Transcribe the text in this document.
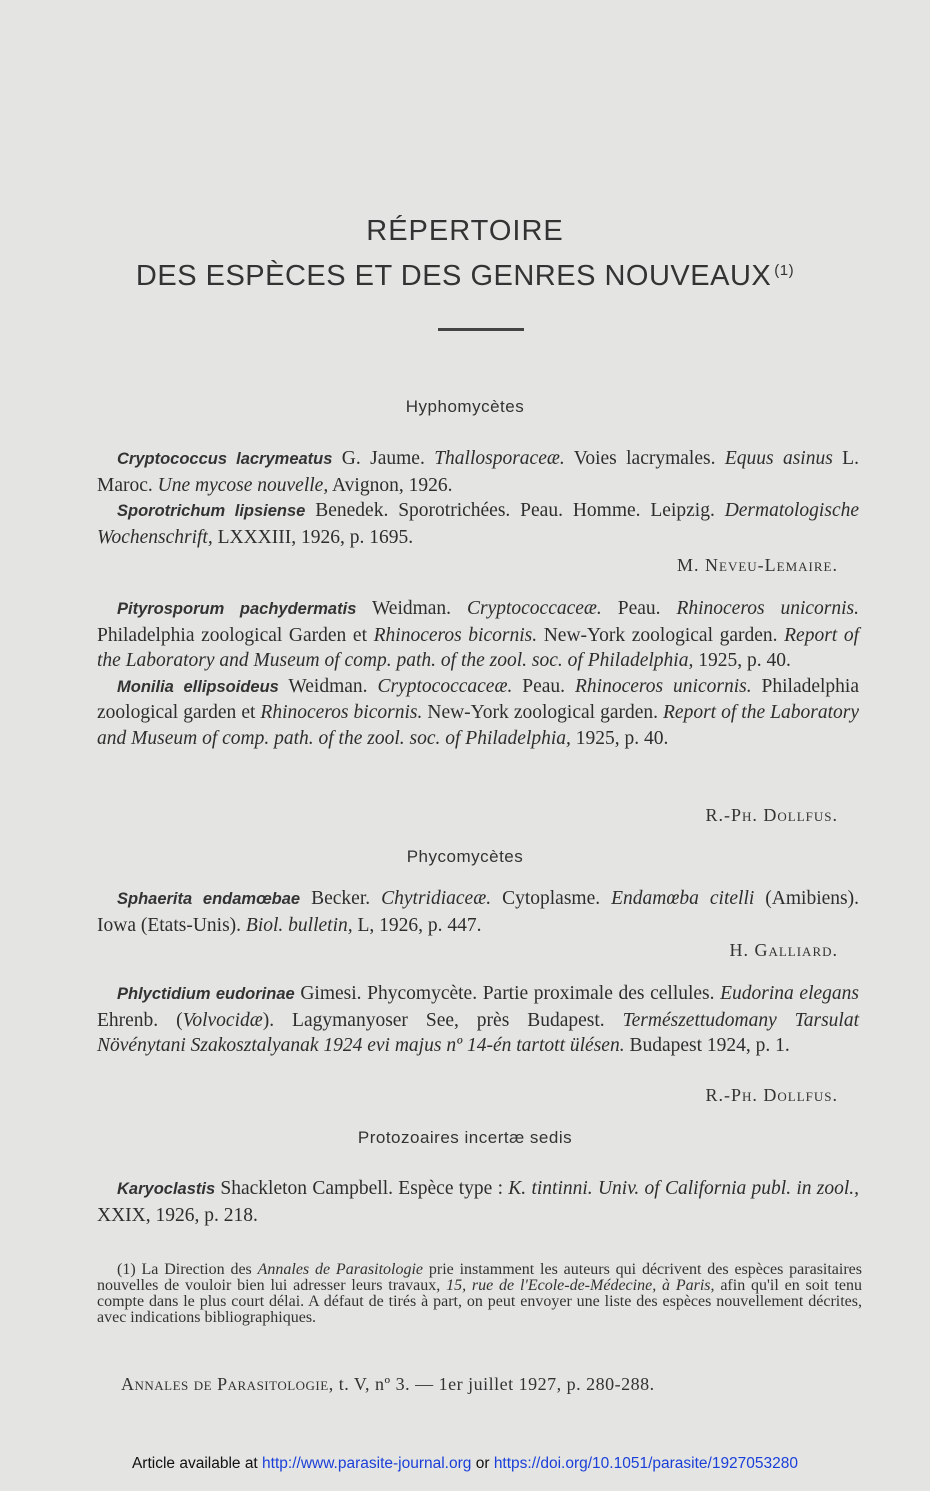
RÉPERTOIRE
DES ESPÈCES ET DES GENRES NOUVEAUX $^{(1)}$
Hyphomycètes

Cryptococcus lacrymeatus G. Jaume. Thallosporaceæ. Voies lacrymales. Equus asinus L. Maroc. Une mycose nouvelle, Avignon, 1926.

Sporotrichum lipsiense Benedek. Sporotrichées. Peau. Homme. Leipzig. Dermatologische Wochenschrift, LXXXIII, 1926, p. 1695.

M. Neveu-Lemaire.

Pityrosporum pachydermatis Weidman. Cryptococcaceæ. Peau. Rhinoceros unicornis. Philadelphia zoological Garden et Rhinoceros bicornis. New-York zoological garden. Report of the Laboratory and Museum of comp. path. of the zool. soc. of Philadelphia, 1925, p. 40.

Monilia ellipsoideus Weidman. Cryptococcaceæ. Peau. Rhinoceros unicornis. Philadelphia zoological garden et Rhinoceros bicornis. New-York zoological garden. Report of the Laboratory and Museum of comp. path. of the zool. soc. of Philadelphia, 1925, p. 40.

R.-Ph. Dollfus.
Phycomycètes

Sphaerita endamœbae Becker. Chytridiaceæ. Cytoplasme. Endamœba citelli (Amibiens). Iowa (Etats-Unis). Biol. bulletin, L, 1926, p. 447.

H. Galliard.

Phlyctidium eudorinae Gimesi. Phycomycète. Partie proximale des cellules. Eudorina elegans Ehrenb. (Volvocidæ). Lagymanyoser See, près Budapest. Természettudomany Tarsulat Növénytani Szakosztalyanak 1924 evi majus nº 14-én tartott ülésen. Budapest 1924, p. 1.

R.-Ph. Dollfus.
Protozoaires incertæ sedis

Karyoclastis Shackleton Campbell. Espèce type : K. tintinni. Univ. of California publ. in zool., XXIX, 1926, p. 218.

(1) La Direction des Annales de Parasitologie prie instamment les auteurs qui décrivent des espèces parasitaires nouvelles de vouloir bien lui adresser leurs travaux, 15, rue de l'Ecole-de-Médecine, à Paris, afin qu'il en soit tenu compte dans le plus court délai. A défaut de tirés à part, on peut envoyer une liste des espèces nouvellement décrites, avec indications bibliographiques.

Annales de Parasitologie, t. V, nº 3. — 1er juillet 1927, p. 280-288.
Article available at http://www.parasite-journal.org or https://doi.org/10.1051/parasite/1927053280
